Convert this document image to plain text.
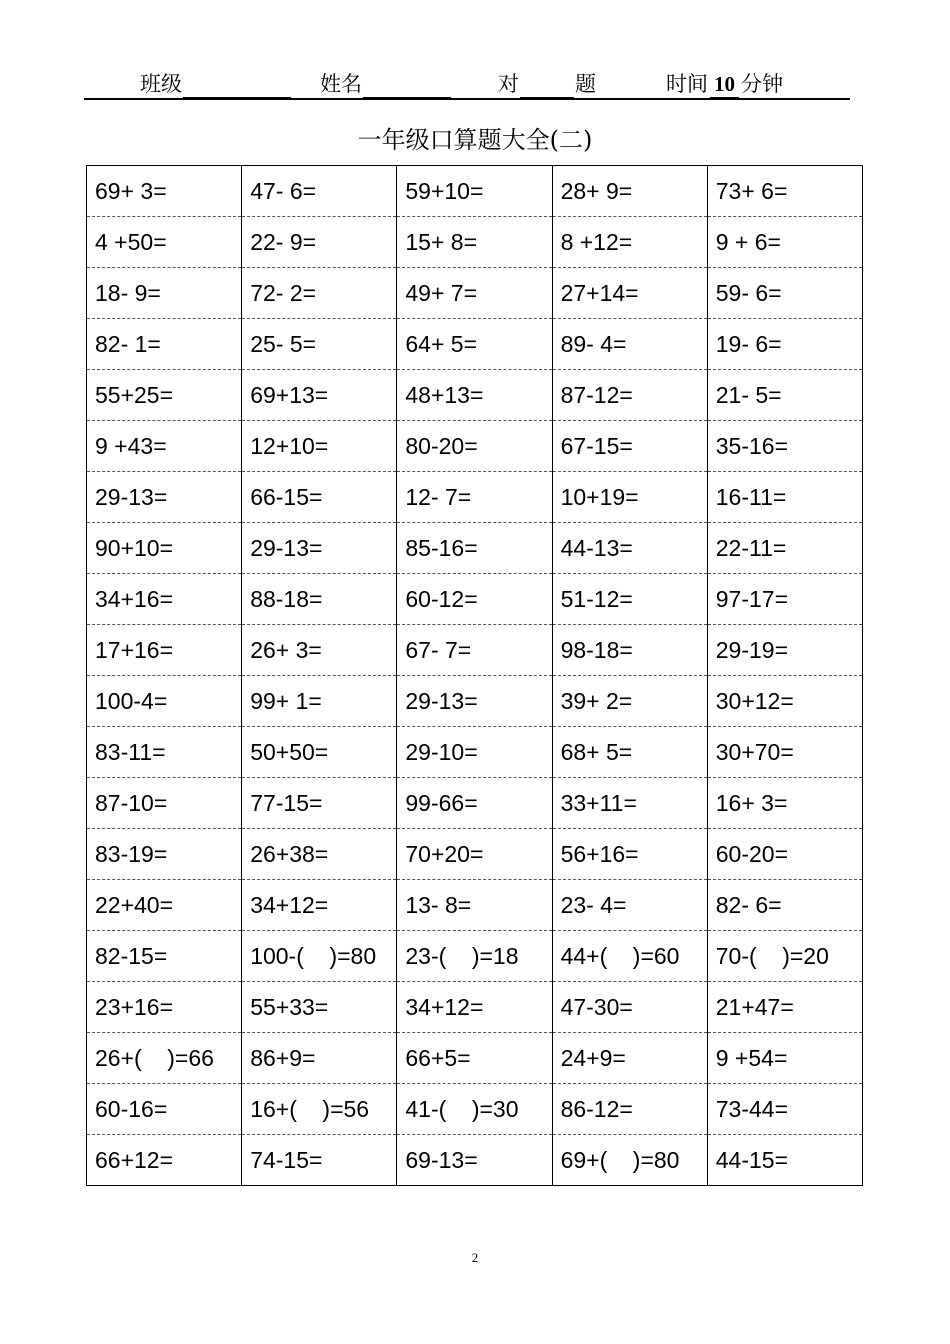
班级	姓名	对	题	时间 10 分钟
一年级口算题大全(二)
69+ 3=	47- 6=	59+10=	28+ 9=	73+ 6=
4 +50=	22- 9=	15+ 8=	8 +12=	9 + 6=
18- 9=	72- 2=	49+ 7=	27+14=	59- 6=
82- 1=	25- 5=	64+ 5=	89- 4=	19- 6=
55+25=	69+13=	48+13=	87-12=	21- 5=
9 +43=	12+10=	80-20=	67-15=	35-16=
29-13=	66-15=	12- 7=	10+19=	16-11=
90+10=	29-13=	85-16=	44-13=	22-11=
34+16=	88-18=	60-12=	51-12=	97-17=
17+16=	26+ 3=	67- 7=	98-18=	29-19=
100-4=	99+ 1=	29-13=	39+ 2=	30+12=
83-11=	50+50=	29-10=	68+ 5=	30+70=
87-10=	77-15=	99-66=	33+11=	16+ 3=
83-19=	26+38=	70+20=	56+16=	60-20=
22+40=	34+12=	13- 8=	23- 4=	82- 6=
82-15=	100-(    )=80	23-(    )=18	44+(    )=60	70-(    )=20
23+16=	55+33=	34+12=	47-30=	21+47=
26+(    )=66	86+9=	66+5=	24+9=	9 +54=
60-16=	16+(    )=56	41-(    )=30	86-12=	73-44=
66+12=	74-15=	69-13=	69+(    )=80	44-15=
2
